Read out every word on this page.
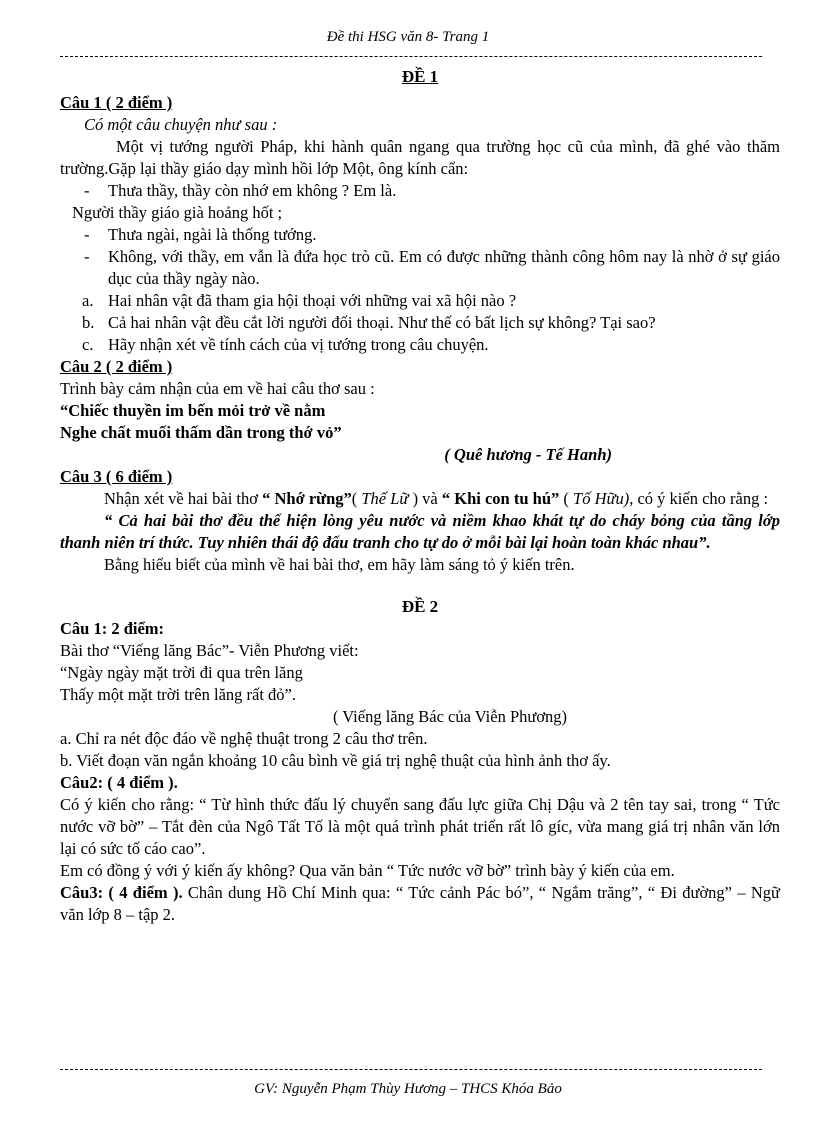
Đề thi HSG văn 8- Trang 1

ĐỀ 1

Câu 1 ( 2 điểm )

Có một câu chuyện như sau :

Một vị tướng người Pháp, khi hành quân ngang qua trường học cũ của mình, đã ghé vào thăm trường.Gặp lại thầy giáo dạy mình hồi lớp Một, ông kính cẩn:

- Thưa thầy, thầy còn nhớ em không ? Em là.

Người thầy giáo già hoảng hốt ;

- Thưa ngài, ngài là thống tướng.
- Không, với thầy, em vẫn là đứa học trò cũ. Em có được những thành công hôm nay là nhờ ở sự giáo dục của thầy ngày nào.
a. Hai nhân vật đã tham gia hội thoại với những vai xã hội nào ?
b. Cả hai nhân vật đều cắt lời người đối thoại. Như thế có bất lịch sự không? Tại sao?
c. Hãy nhận xét về tính cách của vị tướng trong câu chuyện.

Câu 2 ( 2 điểm )

Trình bày cảm nhận của em về hai câu thơ sau :

“Chiếc thuyền im bến mỏi trở về nằm

Nghe chất muối thấm dần trong thớ vỏ”

( Quê hương - Tế Hanh)

Câu 3 ( 6 điểm )

Nhận xét về hai bài thơ “ Nhớ rừng”( Thế Lữ ) và “ Khi con tu hú” ( Tố Hữu), có ý kiến cho rằng :

“ Cả hai bài thơ đều thể hiện lòng yêu nước và niềm khao khát tự do cháy bỏng của tầng lớp thanh niên trí thức. Tuy nhiên thái độ đấu tranh cho tự do ở mỗi bài lại hoàn toàn khác nhau”.

Bằng hiểu biết của mình về hai bài thơ, em hãy làm sáng tỏ ý kiến trên.

ĐỀ 2

Câu 1: 2 điểm:

Bài thơ “Viếng lăng Bác”- Viễn Phương viết:

“Ngày ngày mặt trời đi qua trên lăng

Thấy một mặt trời trên lăng rất đỏ”.

( Viếng lăng Bác của Viễn Phương)

a. Chỉ ra nét độc đáo về nghệ thuật trong 2 câu thơ trên.

b. Viết đoạn văn ngắn khoảng 10 câu bình về giá trị nghệ thuật của hình ảnh thơ ấy.

Câu2: ( 4 điểm ).

Có ý kiến cho rằng: “ Từ hình thức đấu lý chuyển sang đấu lực giữa Chị Dậu và 2 tên tay sai, trong “ Tức nước vỡ bờ” – Tắt đèn của Ngô Tất Tố là một quá trình phát triển rất lô gíc, vừa mang giá trị nhân văn lớn lại có sức tố cáo cao”.

Em có đồng ý với ý kiến ấy không? Qua văn bản “ Tức nước vỡ bờ” trình bày ý kiến của em.

Câu3: ( 4 điểm ). Chân dung Hồ Chí Minh qua: “ Tức cảnh Pác bó”, “ Ngắm trăng”, “ Đi đường” – Ngữ văn lớp 8 – tập 2.

GV: Nguyễn Phạm Thùy Hương – THCS Khóa Bảo
